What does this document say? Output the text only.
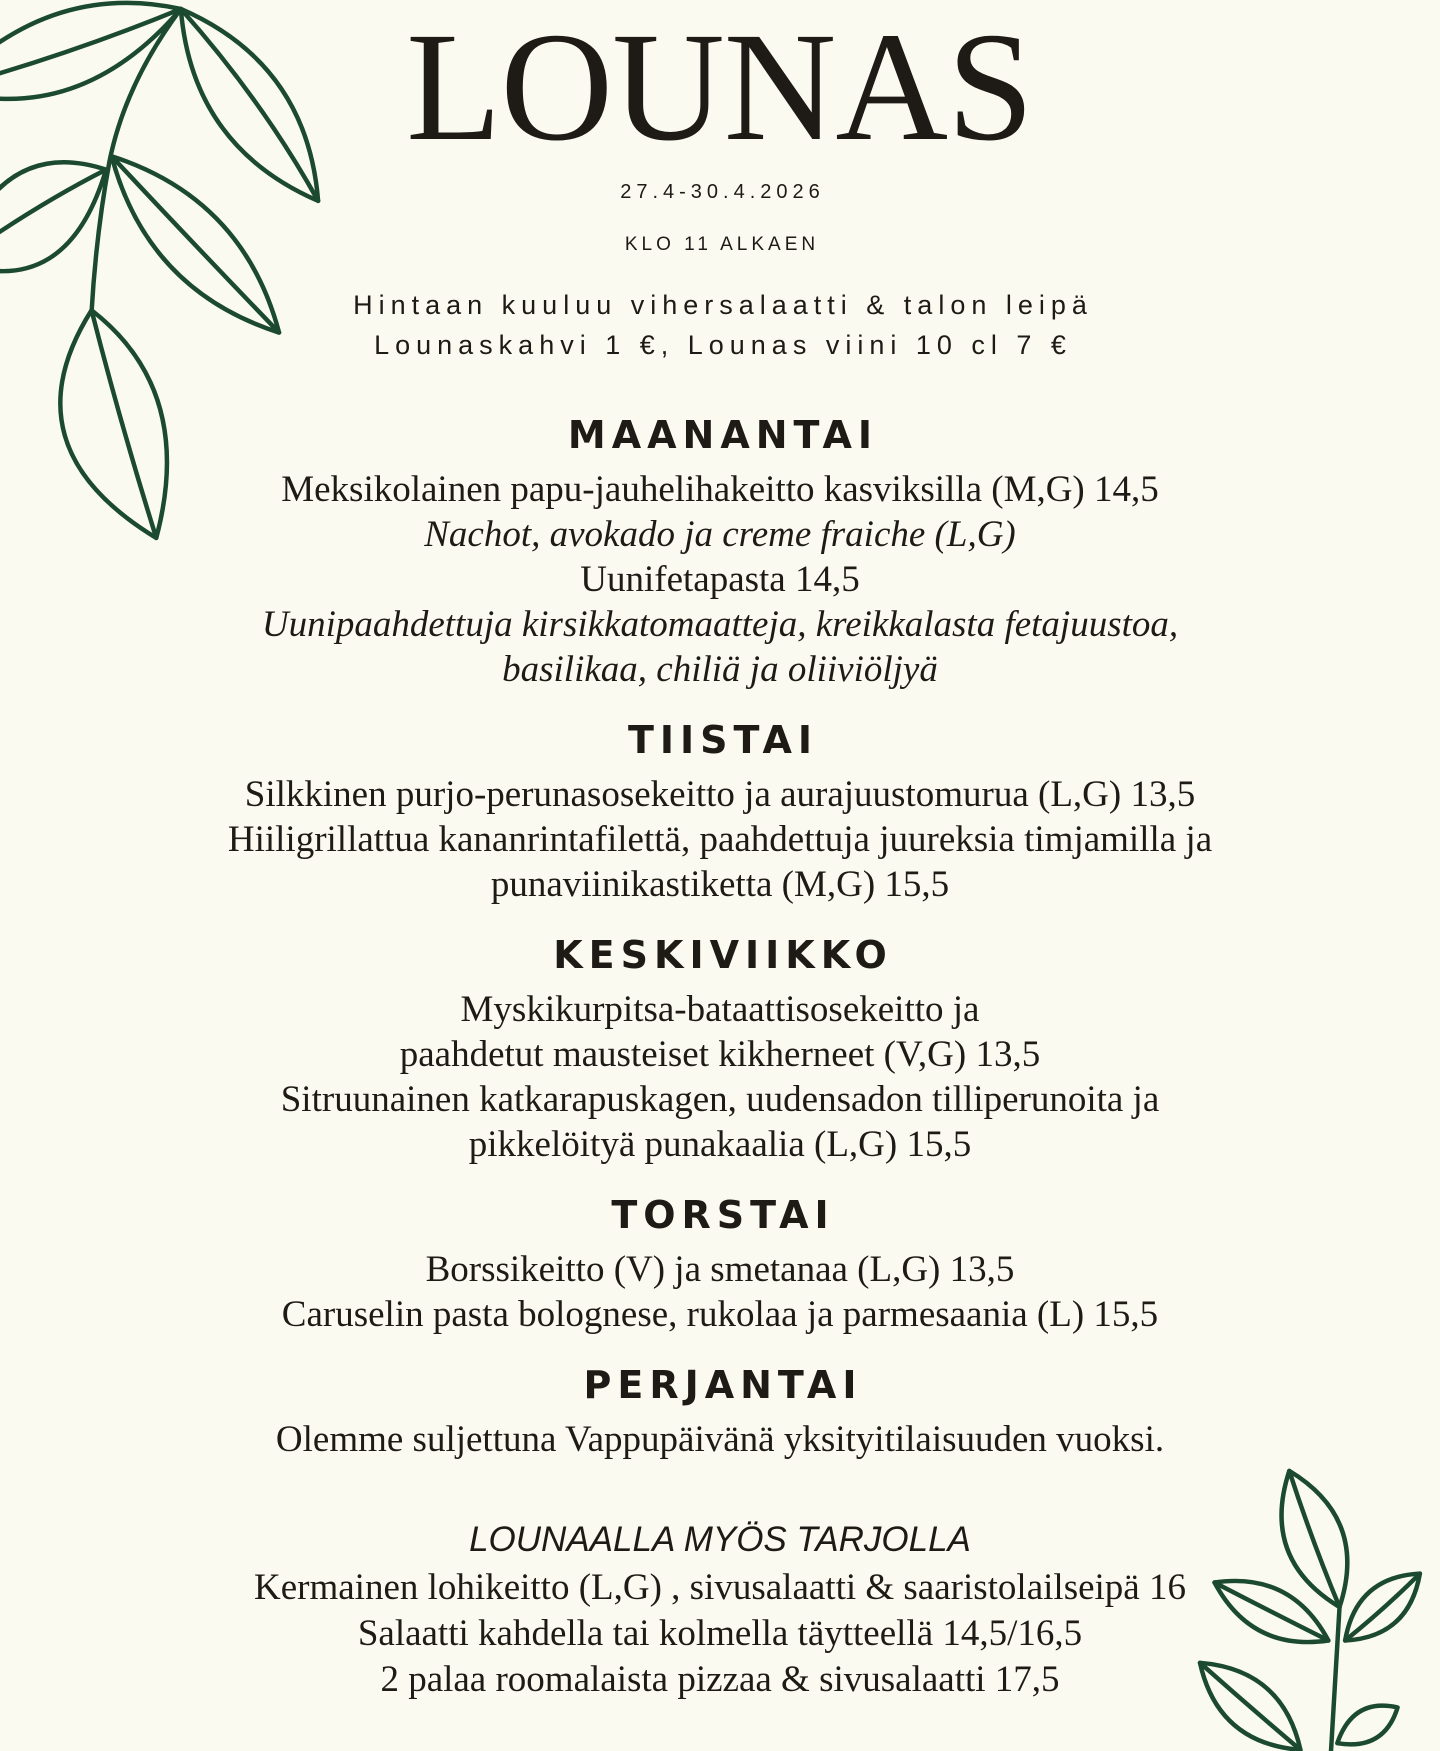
LOUNAS
27.4-30.4.2026
KLO 11 ALKAEN
Hintaan kuuluu vihersalaatti & talon leipä
Lounaskahvi 1 €, Lounas viini 10 cl 7 €
MAANANTAI
Meksikolainen papu-jauhelihakeitto kasviksilla (M,G) 14,5
Nachot, avokado ja creme fraiche (L,G)
Uunifetapasta 14,5
Uunipaahdettuja kirsikkatomaatteja, kreikkalasta fetajuustoa,
basilikaa, chiliä ja oliiviöljyä
TIISTAI
Silkkinen purjo-perunasosekeitto ja aurajuustomurua (L,G) 13,5
Hiiligrillattua kananrintafilettä, paahdettuja juureksia timjamilla ja
punaviinikastiketta (M,G) 15,5
KESKIVIIKKO
Myskikurpitsa-bataattisosekeitto ja
paahdetut mausteiset kikherneet (V,G) 13,5
Sitruunainen katkarapuskagen, uudensadon tilliperunoita ja
pikkelöityä punakaalia (L,G) 15,5
TORSTAI
Borssikeitto (V) ja smetanaa (L,G) 13,5
Caruselin pasta bolognese, rukolaa ja parmesaania (L) 15,5
PERJANTAI
Olemme suljettuna Vappupäivänä yksityitilaisuuden vuoksi.
LOUNAALLA MYÖS TARJOLLA
Kermainen lohikeitto (L,G) , sivusalaatti & saaristolailseipä 16
Salaatti kahdella tai kolmella täytteellä 14,5/16,5
2 palaa roomalaista pizzaa & sivusalaatti 17,5
